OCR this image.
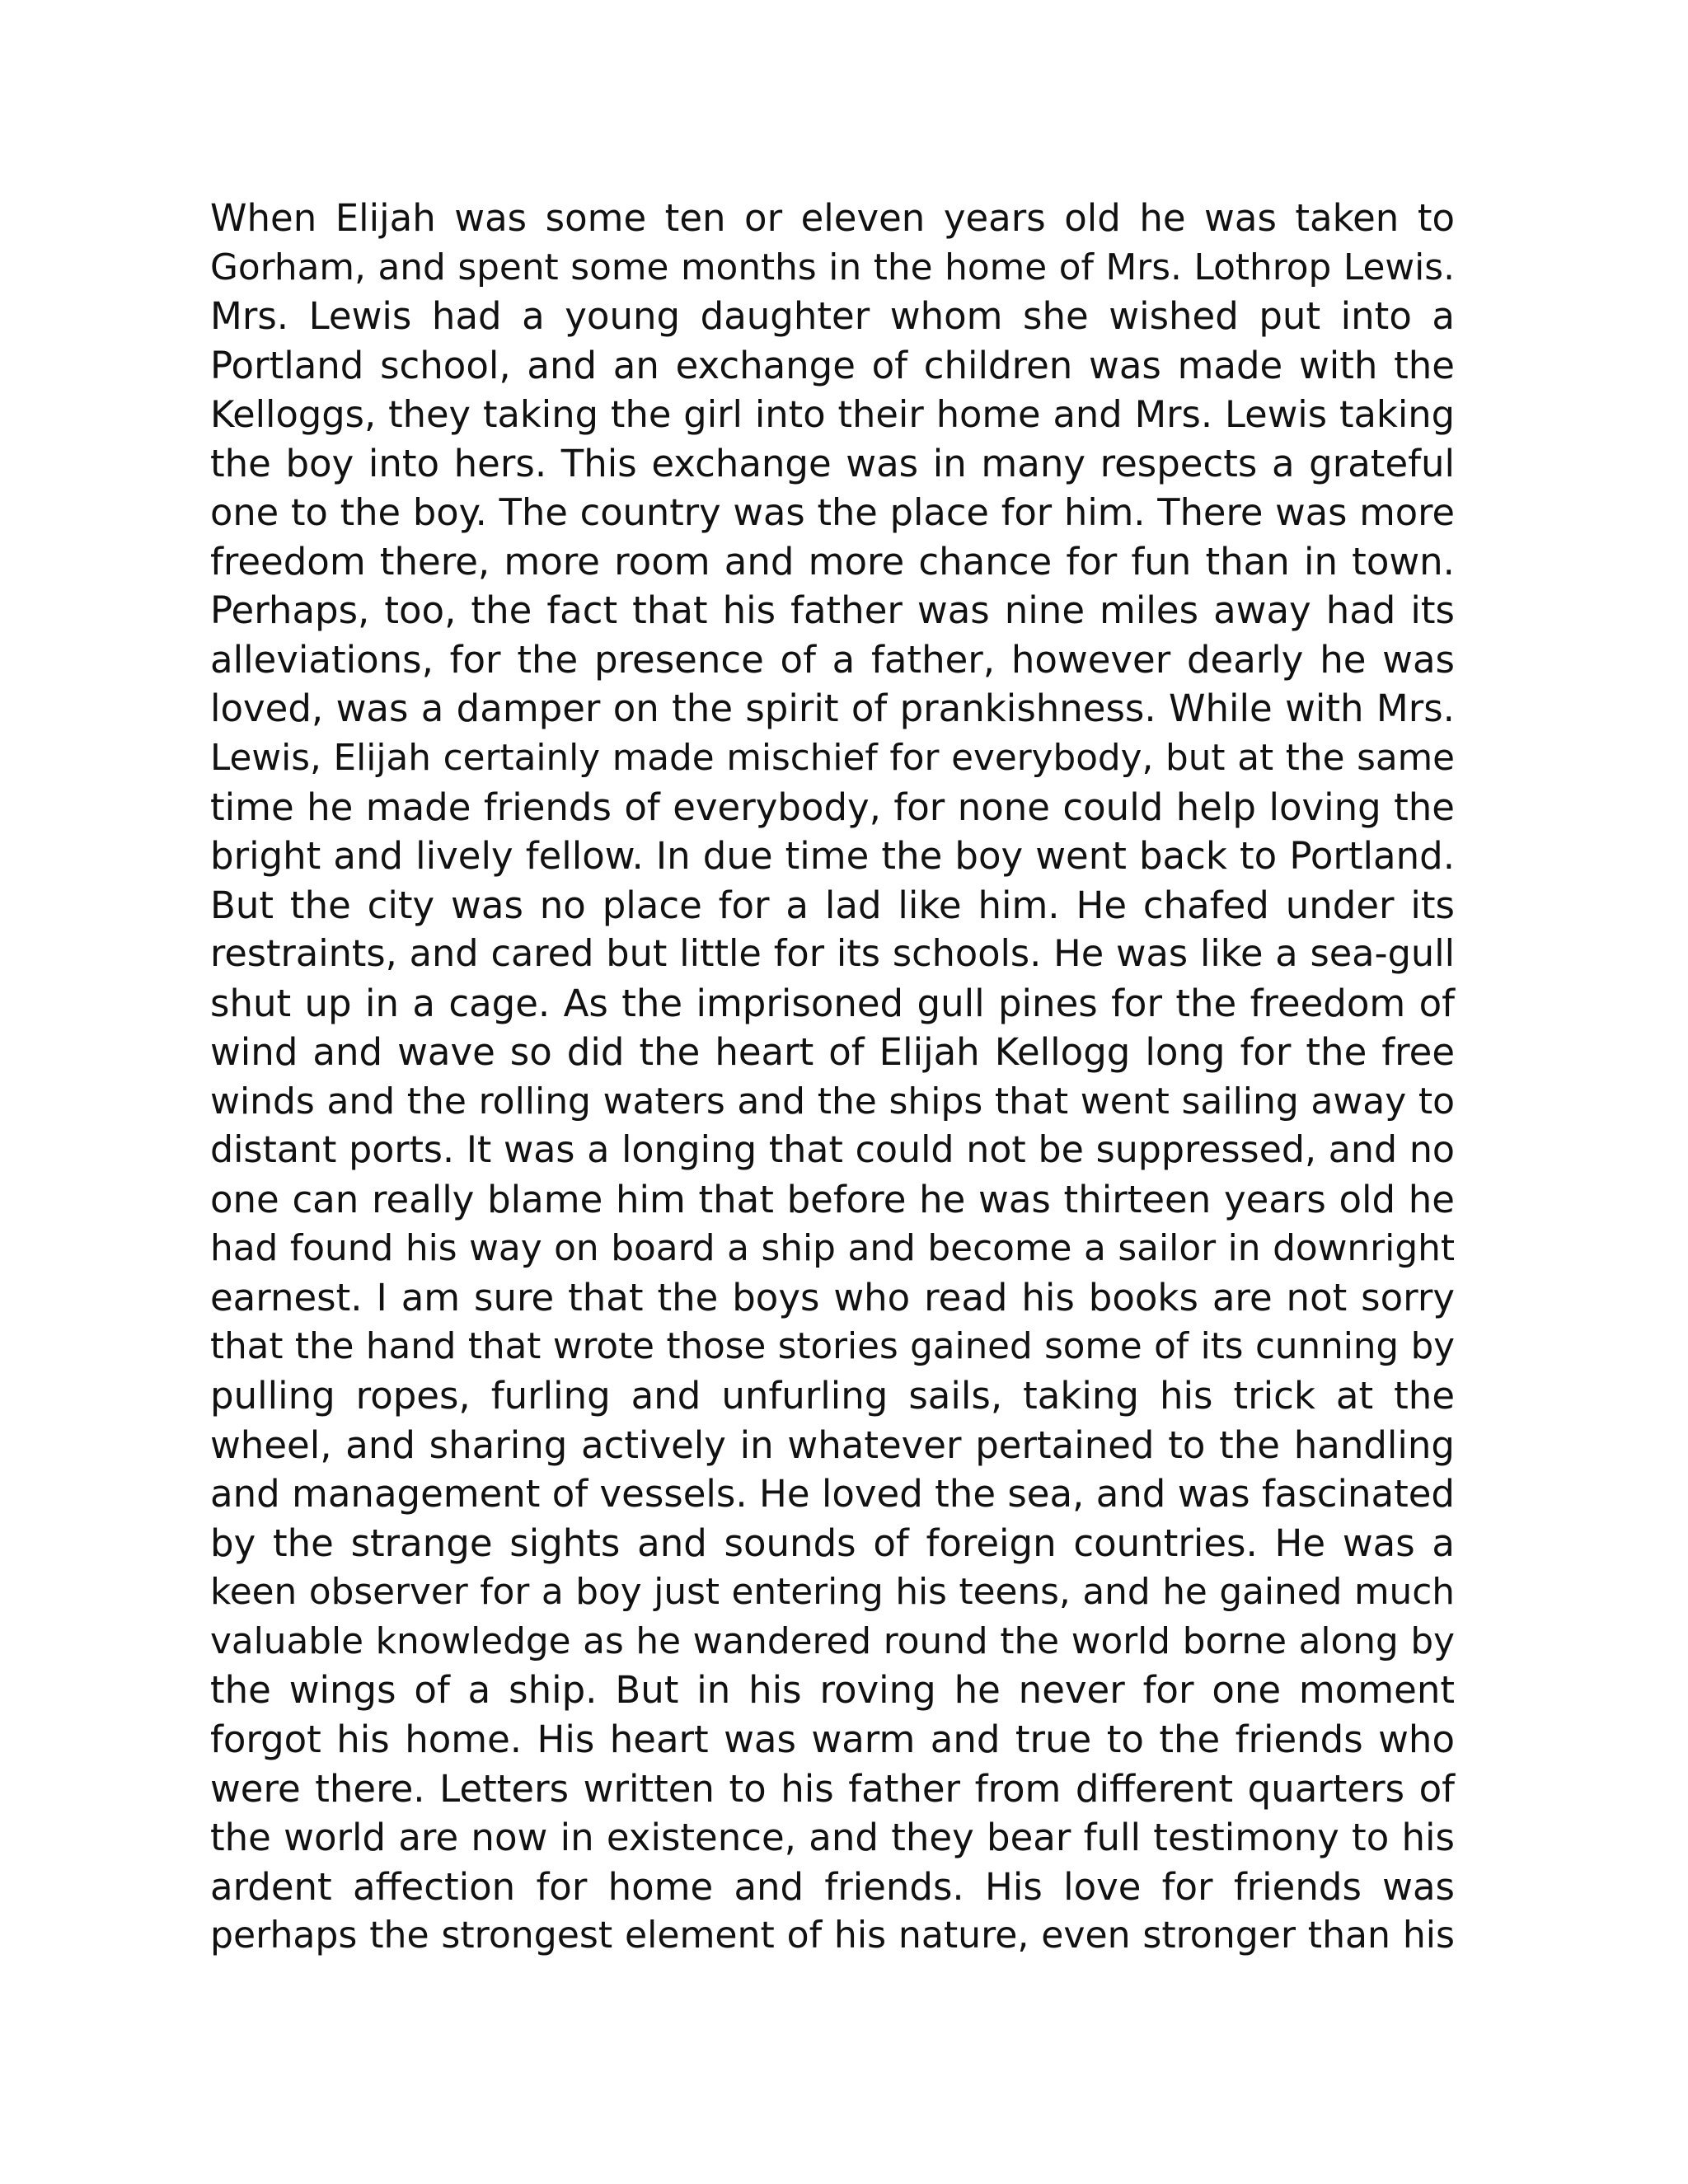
When Elijah was some ten or eleven years old he was taken to
Gorham, and spent some months in the home of Mrs. Lothrop Lewis.
Mrs. Lewis had a young daughter whom she wished put into a
Portland school, and an exchange of children was made with the
Kelloggs, they taking the girl into their home and Mrs. Lewis taking
the boy into hers. This exchange was in many respects a grateful
one to the boy. The country was the place for him. There was more
freedom there, more room and more chance for fun than in town.
Perhaps, too, the fact that his father was nine miles away had its
alleviations, for the presence of a father, however dearly he was
loved, was a damper on the spirit of prankishness. While with Mrs.
Lewis, Elijah certainly made mischief for everybody, but at the same
time he made friends of everybody, for none could help loving the
bright and lively fellow. In due time the boy went back to Portland.
But the city was no place for a lad like him. He chafed under its
restraints, and cared but little for its schools. He was like a sea-gull
shut up in a cage. As the imprisoned gull pines for the freedom of
wind and wave so did the heart of Elijah Kellogg long for the free
winds and the rolling waters and the ships that went sailing away to
distant ports. It was a longing that could not be suppressed, and no
one can really blame him that before he was thirteen years old he
had found his way on board a ship and become a sailor in downright
earnest. I am sure that the boys who read his books are not sorry
that the hand that wrote those stories gained some of its cunning by
pulling ropes, furling and unfurling sails, taking his trick at the
wheel, and sharing actively in whatever pertained to the handling
and management of vessels. He loved the sea, and was fascinated
by the strange sights and sounds of foreign countries. He was a
keen observer for a boy just entering his teens, and he gained much
valuable knowledge as he wandered round the world borne along by
the wings of a ship. But in his roving he never for one moment
forgot his home. His heart was warm and true to the friends who
were there. Letters written to his father from different quarters of
the world are now in existence, and they bear full testimony to his
ardent affection for home and friends. His love for friends was
perhaps the strongest element of his nature, even stronger than his
